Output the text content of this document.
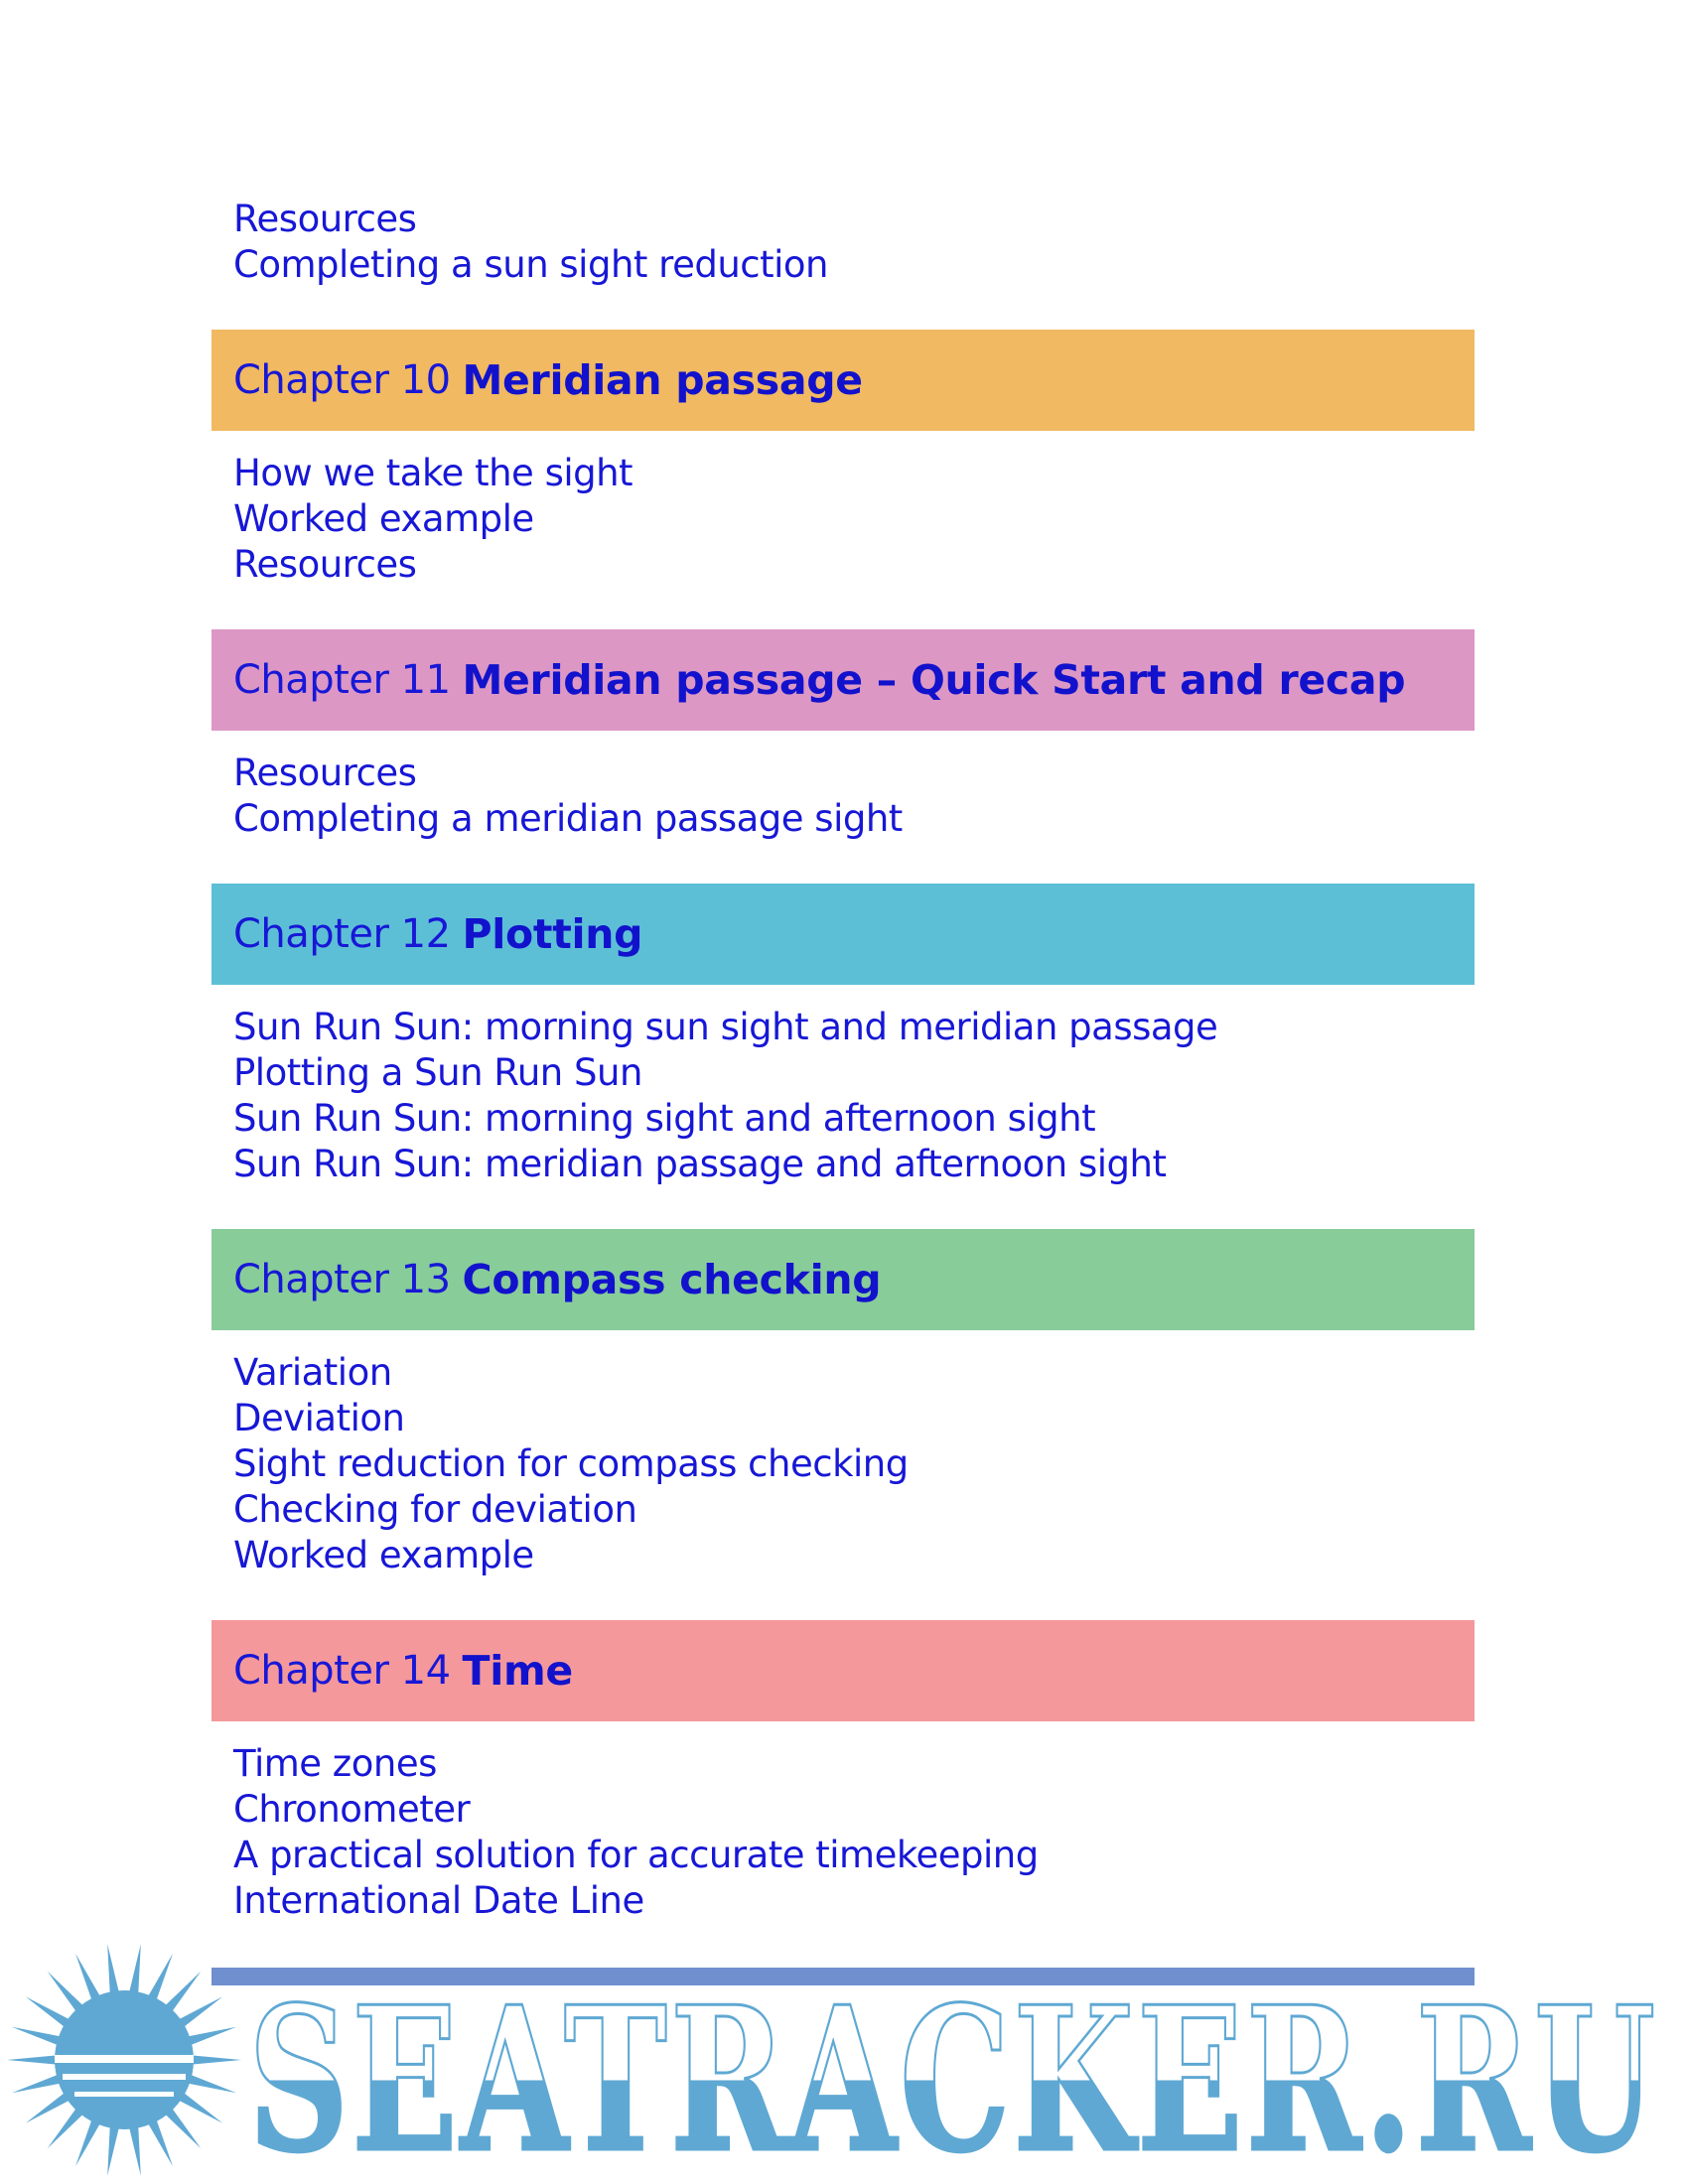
Resources
Completing a sun sight reduction
Chapter 10 Meridian passage
How we take the sight
Worked example
Resources
Chapter 11 Meridian passage – Quick Start and recap
Resources
Completing a meridian passage sight
Chapter 12 Plotting
Sun Run Sun: morning sun sight and meridian passage
Plotting a Sun Run Sun
Sun Run Sun: morning sight and afternoon sight
Sun Run Sun: meridian passage and afternoon sight
Chapter 13 Compass checking
Variation
Deviation
Sight reduction for compass checking
Checking for deviation
Worked example
Chapter 14 Time
Time zones
Chronometer
A practical solution for accurate timekeeping
International Date Line
SEATRACKER.RU
